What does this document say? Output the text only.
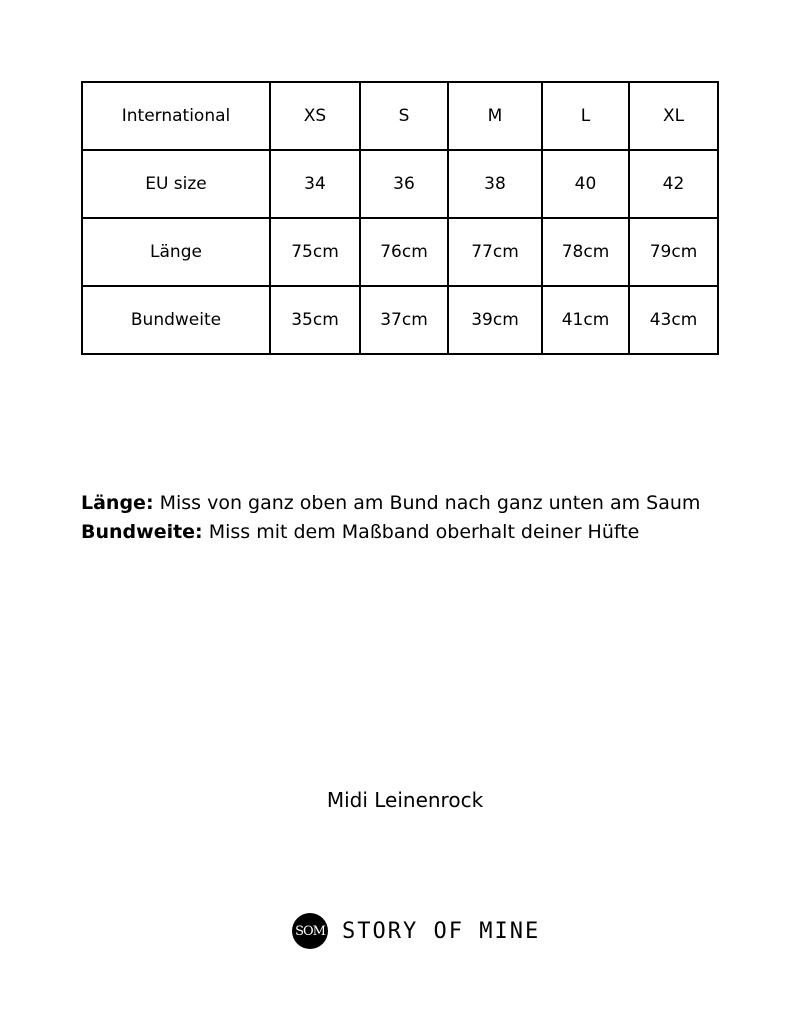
International	XS	S	M	L	XL
EU size	34	36	38	40	42
Länge	75cm	76cm	77cm	78cm	79cm
Bundweite	35cm	37cm	39cm	41cm	43cm

Länge: Miss von ganz oben am Bund nach ganz unten am Saum

Bundweite: Miss mit dem Maßband oberhalt deiner Hüfte

Midi Leinenrock
SOM STORY OF MINE
